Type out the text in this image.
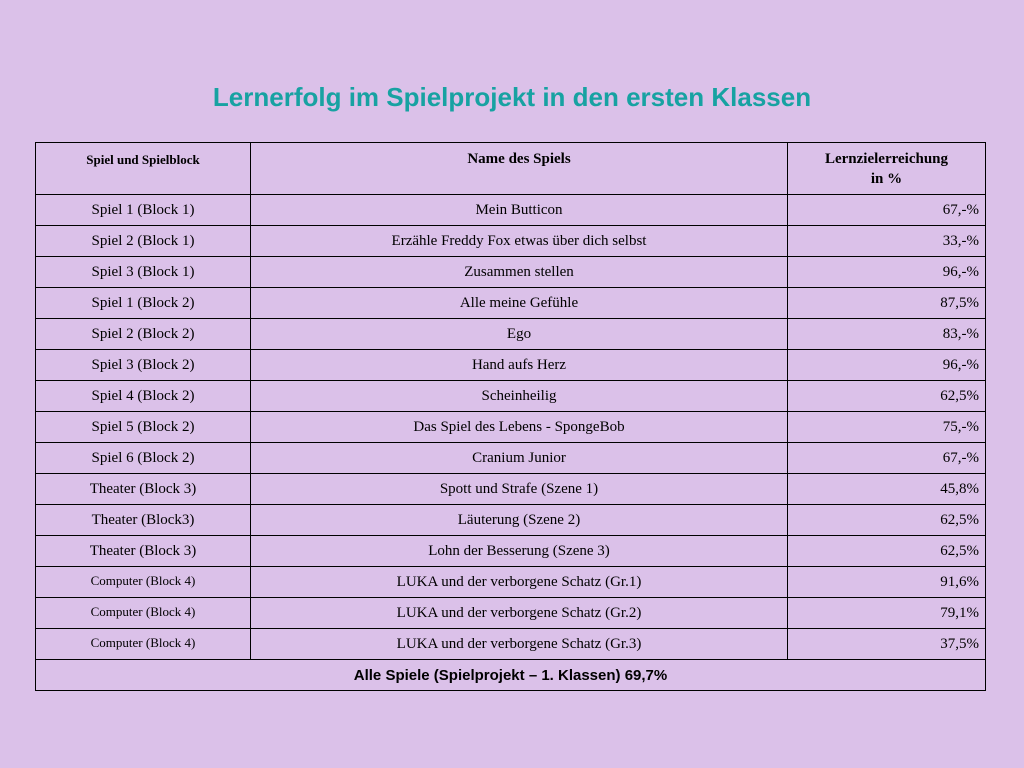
Lernerfolg im Spielprojekt in den ersten Klassen
Spiel und Spielblock	Name des Spiels	Lernzielerreichung
in %
Spiel 1 (Block 1)	Mein Butticon	67,-%
Spiel 2 (Block 1)	Erzähle Freddy Fox etwas über dich selbst	33,-%
Spiel 3 (Block 1)	Zusammen stellen	96,-%
Spiel 1 (Block 2)	Alle meine Gefühle	87,5%
Spiel 2 (Block 2)	Ego	83,-%
Spiel 3 (Block 2)	Hand aufs Herz	96,-%
Spiel 4 (Block 2)	Scheinheilig	62,5%
Spiel 5 (Block 2)	Das Spiel des Lebens - SpongeBob	75,-%
Spiel 6 (Block 2)	Cranium Junior	67,-%
Theater (Block 3)	Spott und Strafe (Szene 1)	45,8%
Theater (Block3)	Läuterung (Szene 2)	62,5%
Theater (Block 3)	Lohn der Besserung (Szene 3)	62,5%
Computer (Block 4)	LUKA und der verborgene Schatz (Gr.1)	91,6%
Computer (Block 4)	LUKA und der verborgene Schatz (Gr.2)	79,1%
Computer (Block 4)	LUKA und der verborgene Schatz (Gr.3)	37,5%
Alle Spiele (Spielprojekt – 1. Klassen) 69,7%		
